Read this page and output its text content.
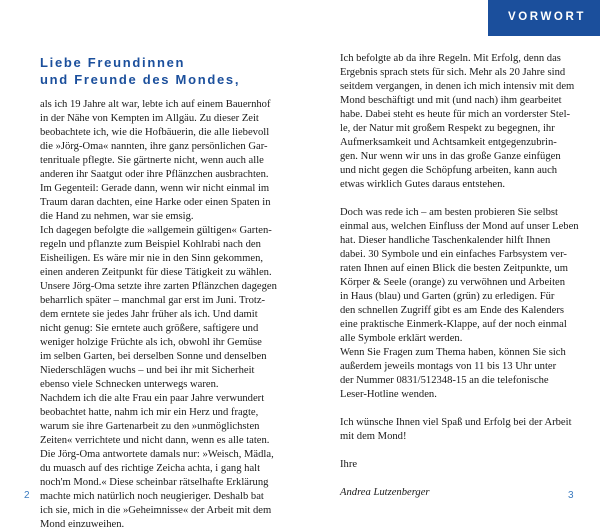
VORWORT
Liebe Freundinnen
und Freunde des Mondes,
als ich 19 Jahre alt war, lebte ich auf einem Bauernhof
in der Nähe von Kempten im Allgäu. Zu dieser Zeit
beobachtete ich, wie die Hofbäuerin, die alle liebevoll
die »Jörg-Oma« nannten, ihre ganz persönlichen Gar-
tenrituale pflegte. Sie gärtnerte nicht, wenn auch alle
anderen ihr Saatgut oder ihre Pflänzchen ausbrachten.
Im Gegenteil: Gerade dann, wenn wir nicht einmal im
Traum daran dachten, eine Harke oder einen Spaten in
die Hand zu nehmen, war sie emsig.
Ich dagegen befolgte die »allgemein gültigen« Garten-
regeln und pflanzte zum Beispiel Kohlrabi nach den
Eisheiligen. Es wäre mir nie in den Sinn gekommen,
einen anderen Zeitpunkt für diese Tätigkeit zu wählen.
Unsere Jörg-Oma setzte ihre zarten Pflänzchen dagegen
beharrlich später – manchmal gar erst im Juni. Trotz-
dem erntete sie jedes Jahr früher als ich. Und damit
nicht genug: Sie erntete auch größere, saftigere und
weniger holzige Früchte als ich, obwohl ihr Gemüse
im selben Garten, bei derselben Sonne und denselben
Niederschlägen wuchs – und bei ihr mit Sicherheit
ebenso viele Schnecken unterwegs waren.
Nachdem ich die alte Frau ein paar Jahre verwundert
beobachtet hatte, nahm ich mir ein Herz und fragte,
warum sie ihre Gartenarbeit zu den »unmöglichsten
Zeiten« verrichtete und nicht dann, wenn es alle taten.
Die Jörg-Oma antwortete damals nur: »Weisch, Mädla,
du muasch auf des richtige Zeicha achta, i gang halt
noch'm Mond.« Diese scheinbar rätselhafte Erklärung
machte mich natürlich noch neugieriger. Deshalb bat
ich sie, mich in die »Geheimnisse« der Arbeit mit dem
Mond einzuweihen.
Ich befolgte ab da ihre Regeln. Mit Erfolg, denn das
Ergebnis sprach stets für sich. Mehr als 20 Jahre sind
seitdem vergangen, in denen ich mich intensiv mit dem
Mond beschäftigt und mit (und nach) ihm gearbeitet
habe. Dabei steht es heute für mich an vorderster Stel-
le, der Natur mit großem Respekt zu begegnen, ihr
Aufmerksamkeit und Achtsamkeit entgegenzubrin-
gen. Nur wenn wir uns in das große Ganze einfügen
und nicht gegen die Schöpfung arbeiten, kann auch
etwas wirklich Gutes daraus entstehen.
Doch was rede ich – am besten probieren Sie selbst
einmal aus, welchen Einfluss der Mond auf unser Leben
hat. Dieser handliche Taschenkalender hilft Ihnen
dabei. 30 Symbole und ein einfaches Farbsystem ver-
raten Ihnen auf einen Blick die besten Zeitpunkte, um
Körper & Seele (orange) zu verwöhnen und Arbeiten
in Haus (blau) und Garten (grün) zu erledigen. Für
den schnellen Zugriff gibt es am Ende des Kalenders
eine praktische Einmerk-Klappe, auf der noch einmal
alle Symbole erklärt werden.
Wenn Sie Fragen zum Thema haben, können Sie sich
außerdem jeweils montags von 11 bis 13 Uhr unter
der Nummer 0831/512348-15 an die telefonische
Leser-Hotline wenden.
Ich wünsche Ihnen viel Spaß und Erfolg bei der Arbeit
mit dem Mond!
Ihre
Andrea Lutzenberger
2	3
